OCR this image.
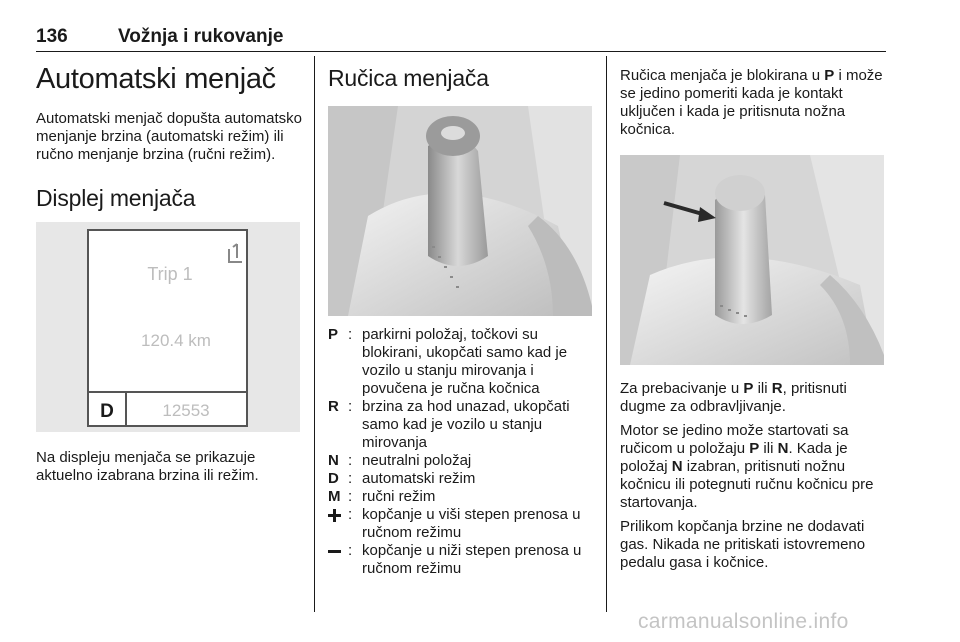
136	Vožnja i rukovanje
Automatski menjač

Automatski menjač dopušta automatsko menjanje brzina (automatski režim) ili ručno menjanje brzina (ručni režim).

Displej menjača
Trip 1
120.4 km
D	12553

Na displeju menjača se prikazuje aktuelno izabrana brzina ili režim.

Ručica menjača
P : parkirni položaj, točkovi su blokirani, ukopčati samo kad je vozilo u stanju mirovanja i povučena je ručna kočnica
R : brzina za hod unazad, ukopčati samo kad je vozilo u stanju mirovanja
N : neutralni položaj
D : automatski režim
M : ručni režim
: kopčanje u viši stepen prenosa u ručnom režimu
: kopčanje u niži stepen prenosa u ručnom režimu

Ručica menjača je blokirana u P i može se jedino pomeriti kada je kontakt uključen i kada je pritisnuta nožna kočnica.

Za prebacivanje u P ili R, pritisnuti dugme za odbravljivanje.

Motor se jedino može startovati sa ručicom u položaju P ili N. Kada je položaj N izabran, pritisnuti nožnu kočnicu ili potegnuti ručnu kočnicu pre startovanja.

Prilikom kopčanja brzine ne dodavati gas. Nikada ne pritiskati istovremeno pedalu gasa i kočnice.

carmanualsonline.info
